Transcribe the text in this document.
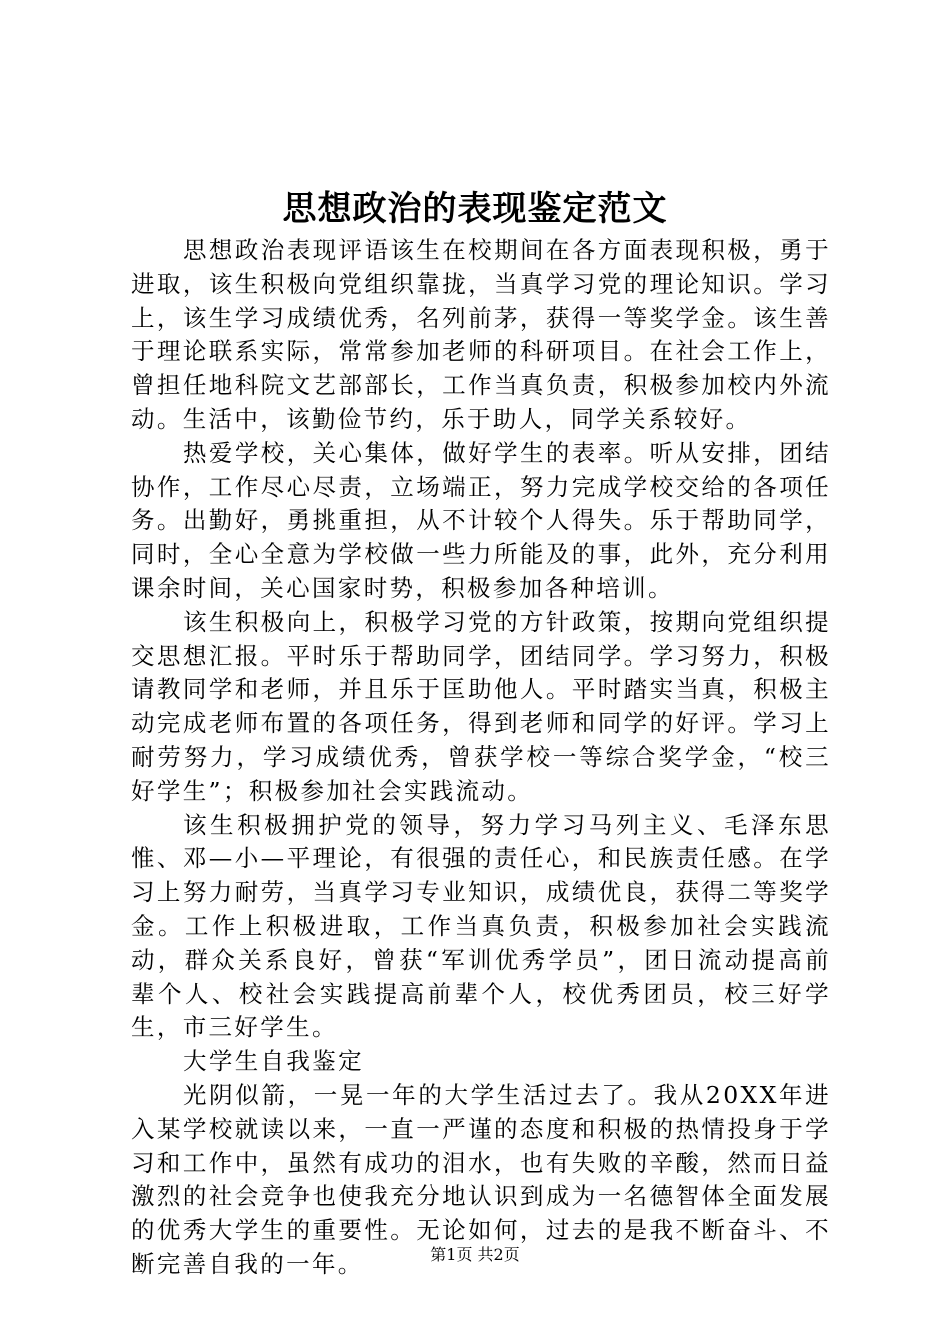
思想政治的表现鉴定范文

思想政治表现评语该生在校期间在各方面表现积极，勇于进取，该生积极向党组织靠拢，当真学习党的理论知识。学习上，该生学习成绩优秀，名列前茅，获得一等奖学金。该生善于理论联系实际，常常参加老师的科研项目。在社会工作上，曾担任地科院文艺部部长，工作当真负责，积极参加校内外流动。生活中，该勤俭节约，乐于助人，同学关系较好。

热爱学校，关心集体，做好学生的表率。听从安排，团结协作，工作尽心尽责，立场端正，努力完成学校交给的各项任务。出勤好，勇挑重担，从不计较个人得失。乐于帮助同学，同时，全心全意为学校做一些力所能及的事，此外，充分利用课余时间，关心国家时势，积极参加各种培训。

该生积极向上，积极学习党的方针政策，按期向党组织提交思想汇报。平时乐于帮助同学，团结同学。学习努力，积极请教同学和老师，并且乐于匡助他人。平时踏实当真，积极主动完成老师布置的各项任务，得到老师和同学的好评。学习上耐劳努力，学习成绩优秀，曾获学校一等综合奖学金，“校三好学生”；积极参加社会实践流动。

该生积极拥护党的领导，努力学习马列主义、毛泽东思惟、邓—小—平理论，有很强的责任心，和民族责任感。在学习上努力耐劳，当真学习专业知识，成绩优良，获得二等奖学金。工作上积极进取，工作当真负责，积极参加社会实践流动，群众关系良好，曾获“军训优秀学员”，团日流动提高前辈个人、校社会实践提高前辈个人，校优秀团员，校三好学生，市三好学生。

大学生自我鉴定

光阴似箭，一晃一年的大学生活过去了。我从20XX年进入某学校就读以来，一直一严谨的态度和积极的热情投身于学习和工作中，虽然有成功的泪水，也有失败的辛酸，然而日益激烈的社会竞争也使我充分地认识到成为一名德智体全面发展的优秀大学生的重要性。无论如何，过去的是我不断奋斗、不断完善自我的一年。	第1页 共2页
